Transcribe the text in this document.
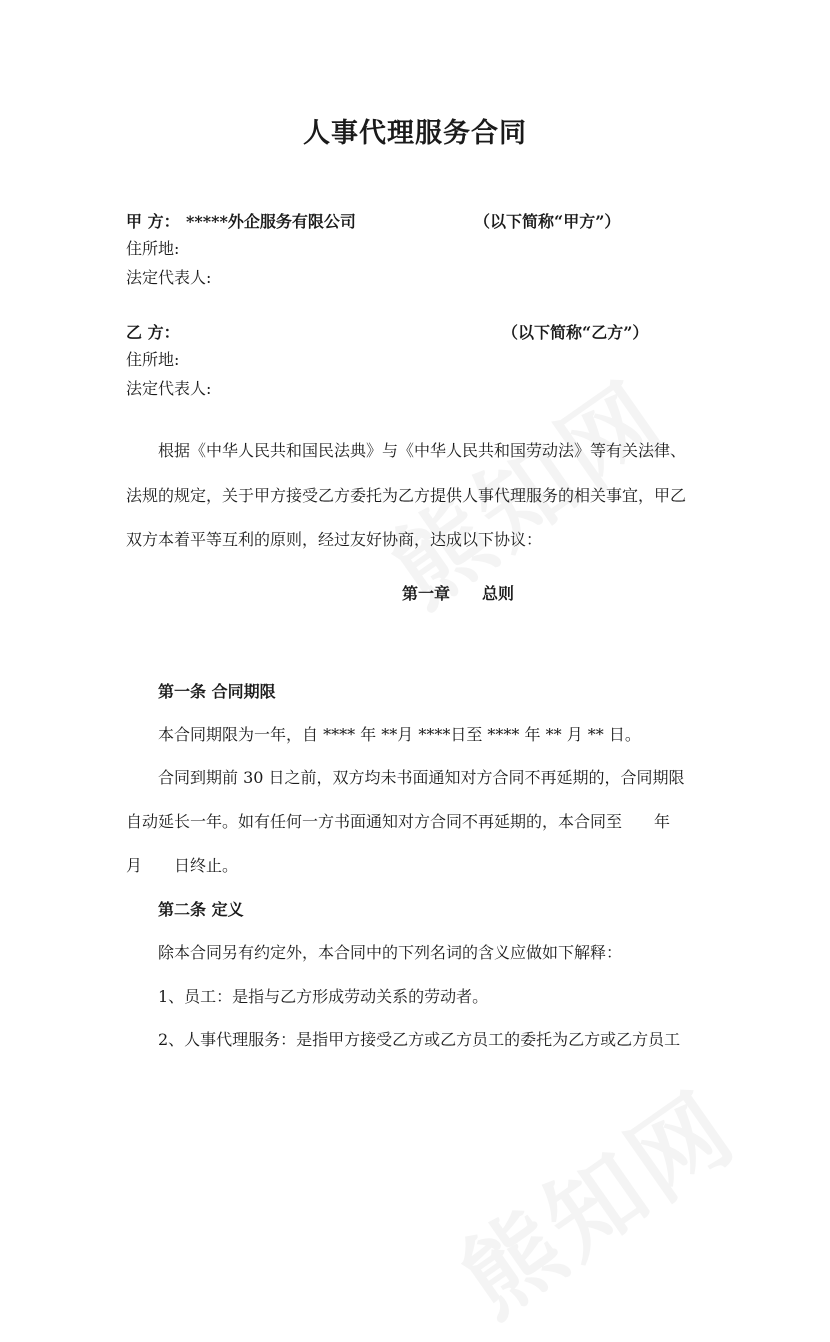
人事代理服务合同
甲 方： *****外企服务有限公司	（以下简称“甲方”）
住所地:
法定代表人:
乙 方：	（以下简称“乙方”）
住所地:
法定代表人:
根据《中华人民共和国民法典》与《中华人民共和国劳动法》等有关法律、
法规的规定，关于甲方接受乙方委托为乙方提供人事代理服务的相关事宜，甲乙
双方本着平等互利的原则，经过友好协商，达成以下协议：
第一章　　总则
第一条 合同期限
本合同期限为一年，自 **** 年 **月 ****日至 **** 年 ** 月 ** 日。
合同到期前 30 日之前，双方均未书面通知对方合同不再延期的，合同期限
自动延长一年。如有任何一方书面通知对方合同不再延期的，本合同至　　年
月　　日终止。
第二条 定义
除本合同另有约定外，本合同中的下列名词的含义应做如下解释：
1、员工：是指与乙方形成劳动关系的劳动者。
2、人事代理服务：是指甲方接受乙方或乙方员工的委托为乙方或乙方员工
